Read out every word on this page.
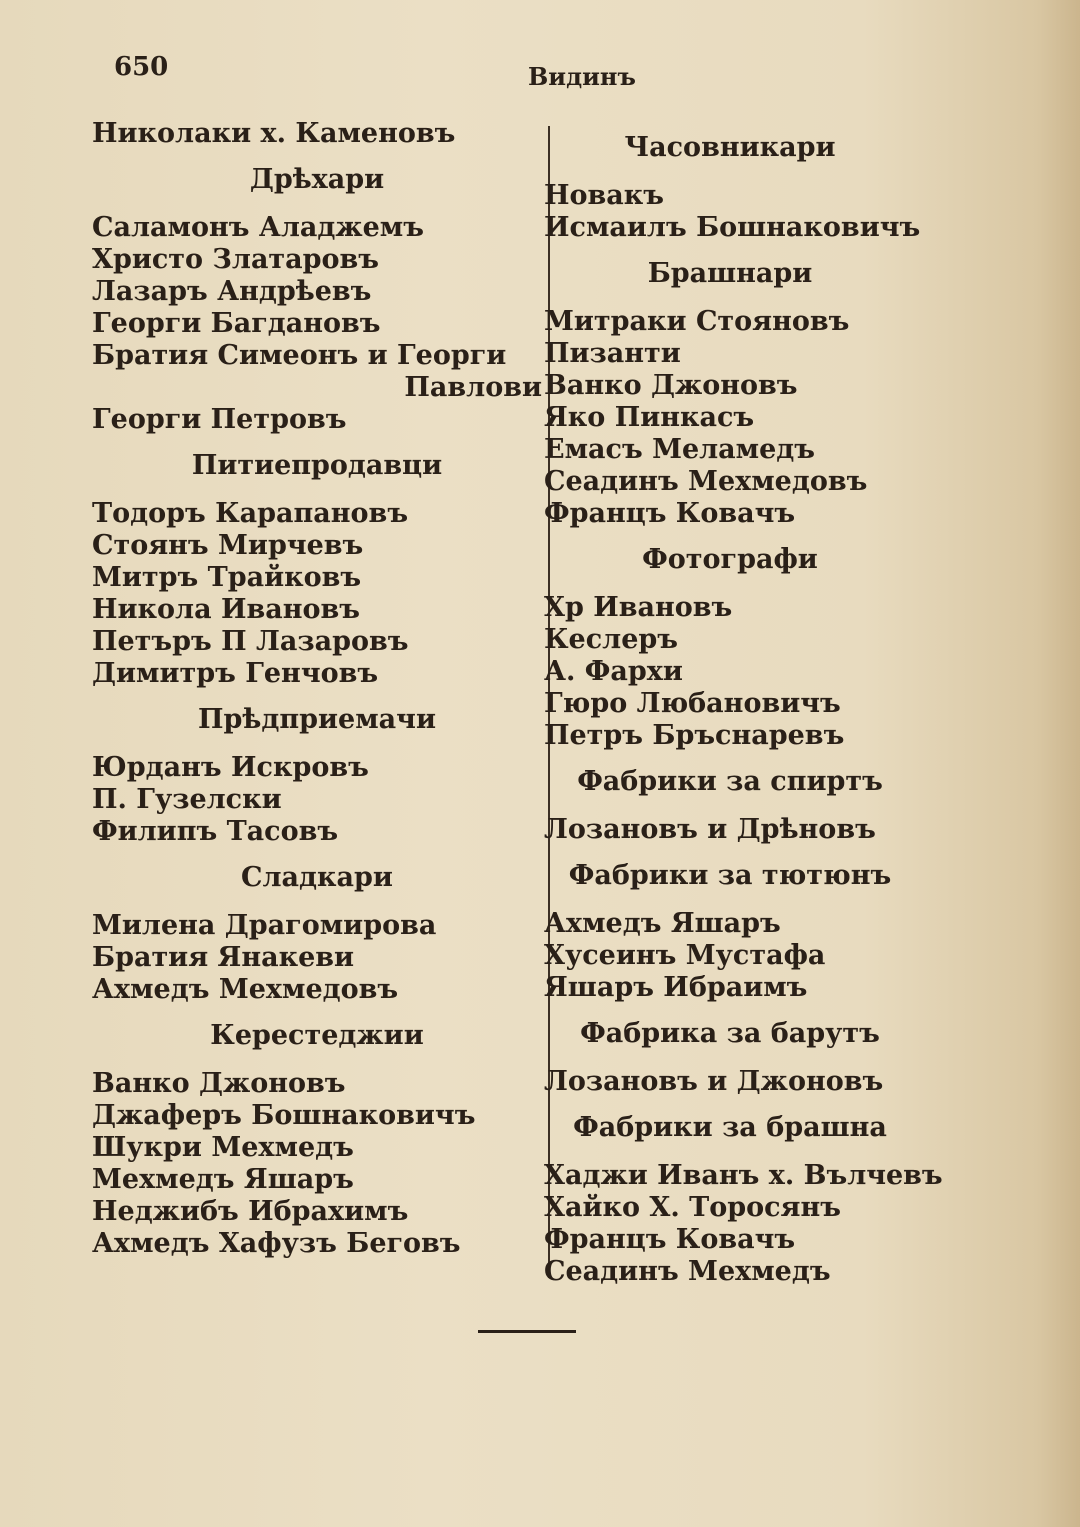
650	Видинъ
Николаки х. Каменовъ
Дрѣхари
Саламонъ Аладжемъ
Христо Златаровъ
Лазаръ Андрѣевъ
Георги Багдановъ
Братия Симеонъ и Георги
Павлови
Георги Петровъ
Питиепродавци
Тодоръ Карапановъ
Стоянъ Мирчевъ
Митръ Трайковъ
Никола Ивановъ
Петъръ П Лазаровъ
Димитръ Генчовъ
Прѣдприемачи
Юрданъ Искровъ
П. Гузелски
Филипъ Тасовъ
Сладкари
Милена Драгомирова
Братия Янакеви
Ахмедъ Мехмедовъ
Керестеджии
Ванко Джоновъ
Джаферъ Бошнаковичъ
Шукри Мехмедъ
Мехмедъ Яшаръ
Неджибъ Ибрахимъ
Ахмедъ Хафузъ Беговъ
Часовникари
Новакъ
Исмаилъ Бошнаковичъ
Брашнари
Митраки Стояновъ
Пизанти
Ванко Джоновъ
Яко Пинкасъ
Емасъ Меламедъ
Сеадинъ Мехмедовъ
Францъ Ковачъ
Фотографи
Хр Ивановъ
Кеслеръ
А. Фархи
Гюро Любановичъ
Петръ Бръснаревъ
Фабрики за спиртъ
Лозановъ и Дрѣновъ
Фабрики за тютюнъ
Ахмедъ Яшаръ
Хусеинъ Мустафа
Яшаръ Ибраимъ
Фабрика за барутъ
Лозановъ и Джоновъ
Фабрики за брашна
Хаджи Иванъ х. Вълчевъ
Хайко Х. Торосянъ
Францъ Ковачъ
Сеадинъ Мехмедъ
